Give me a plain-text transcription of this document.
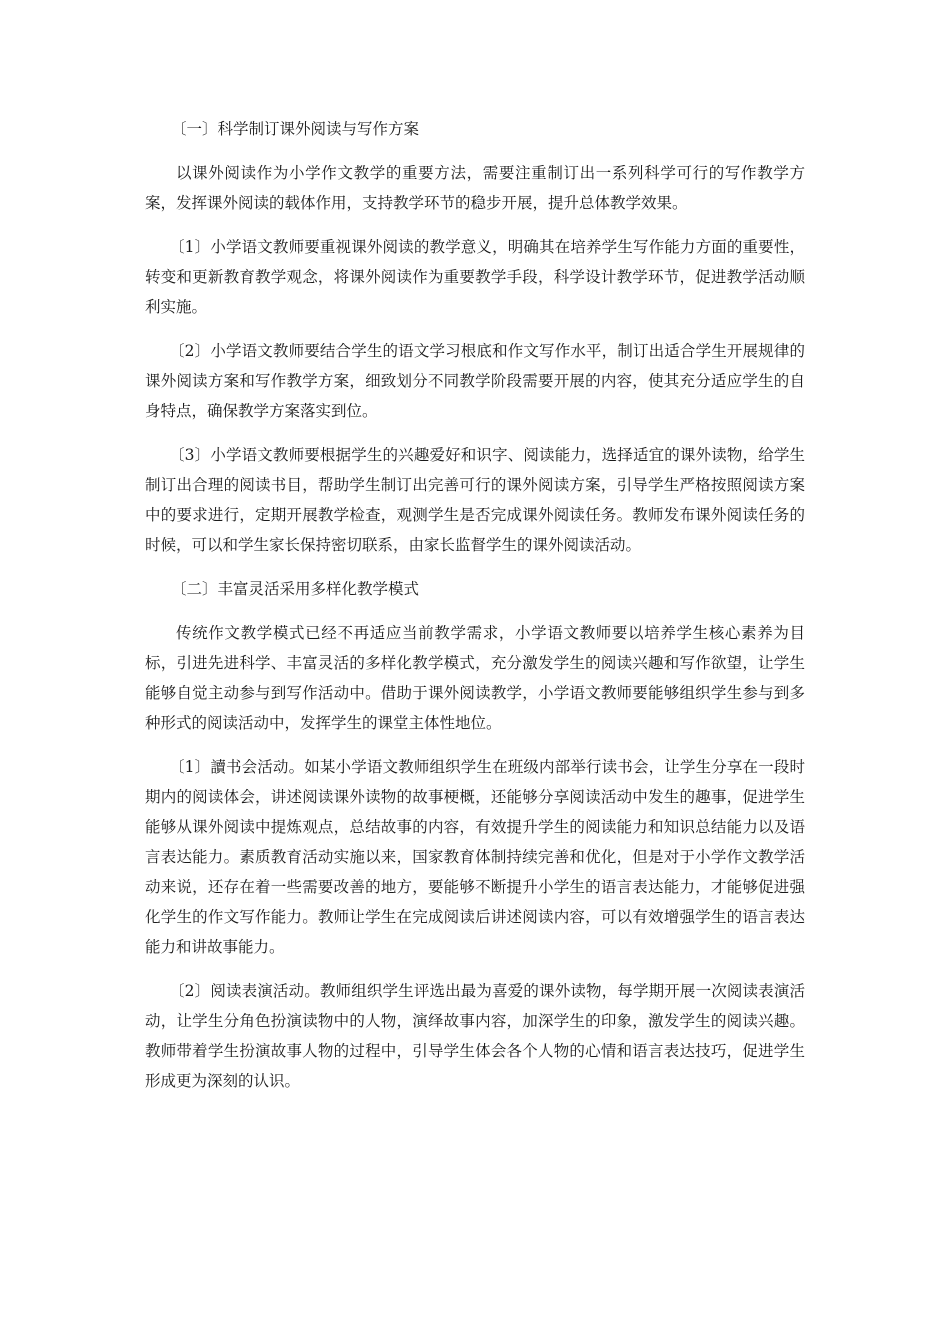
〔一〕科学制订课外阅读与写作方案

以课外阅读作为小学作文教学的重要方法，需要注重制订出一系列科学可行的写作教学方案，发挥课外阅读的载体作用，支持教学环节的稳步开展，提升总体教学效果。

〔1〕小学语文教师要重视课外阅读的教学意义，明确其在培养学生写作能力方面的重要性，转变和更新教育教学观念，将课外阅读作为重要教学手段，科学设计教学环节，促进教学活动顺利实施。

〔2〕小学语文教师要结合学生的语文学习根底和作文写作水平，制订出适合学生开展规律的课外阅读方案和写作教学方案，细致划分不同教学阶段需要开展的内容，使其充分适应学生的自身特点，确保教学方案落实到位。

〔3〕小学语文教师要根据学生的兴趣爱好和识字、阅读能力，选择适宜的课外读物，给学生制订出合理的阅读书目，帮助学生制订出完善可行的课外阅读方案，引导学生严格按照阅读方案中的要求进行，定期开展教学检查，观测学生是否完成课外阅读任务。教师发布课外阅读任务的时候，可以和学生家长保持密切联系，由家长监督学生的课外阅读活动。

〔二〕丰富灵活采用多样化教学模式

传统作文教学模式已经不再适应当前教学需求，小学语文教师要以培养学生核心素养为目标，引进先进科学、丰富灵活的多样化教学模式，充分激发学生的阅读兴趣和写作欲望，让学生能够自觉主动参与到写作活动中。借助于课外阅读教学，小学语文教师要能够组织学生参与到多种形式的阅读活动中，发挥学生的课堂主体性地位。

〔1〕讀书会活动。如某小学语文教师组织学生在班级内部举行读书会，让学生分享在一段时期内的阅读体会，讲述阅读课外读物的故事梗概，还能够分享阅读活动中发生的趣事，促进学生能够从课外阅读中提炼观点，总结故事的内容，有效提升学生的阅读能力和知识总结能力以及语言表达能力。素质教育活动实施以来，国家教育体制持续完善和优化，但是对于小学作文教学活动来说，还存在着一些需要改善的地方，要能够不断提升小学生的语言表达能力，才能够促进强化学生的作文写作能力。教师让学生在完成阅读后讲述阅读内容，可以有效增强学生的语言表达能力和讲故事能力。

〔2〕阅读表演活动。教师组织学生评选出最为喜爱的课外读物，每学期开展一次阅读表演活动，让学生分角色扮演读物中的人物，演绎故事内容，加深学生的印象，激发学生的阅读兴趣。教师带着学生扮演故事人物的过程中，引导学生体会各个人物的心情和语言表达技巧，促进学生形成更为深刻的认识。
